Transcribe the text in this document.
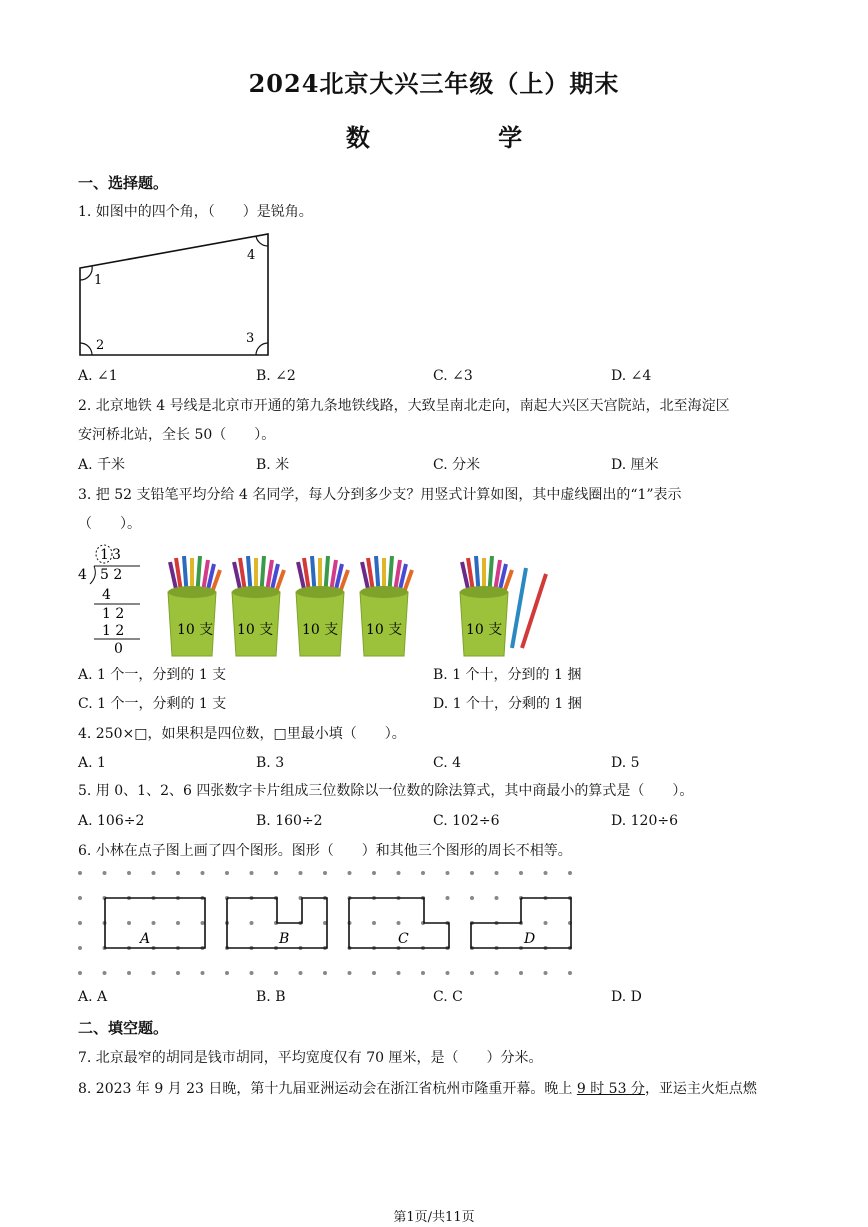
2024北京大兴三年级（上）期末
数 学
一、选择题。
1. 如图中的四个角，（　　）是锐角。
1
2	3
4
A. ∠1	B. ∠2	C. ∠3	D. ∠4
2. 北京地铁 4 号线是北京市开通的第九条地铁线路，大致呈南北走向，南起大兴区天宫院站，北至海淀区
安河桥北站，全长 50（　　）。
A. 千米	B. 米	C. 分米	D. 厘米
3. 把 52 支铅笔平均分给 4 名同学，每人分到多少支？用竖式计算如图，其中虚线圈出的“1”表示
（　　）。
1 3
4 5 2
4
1 2
1 2
0
10 支 10 支 10 支 10 支	10 支
A. 1 个一，分到的 1 支	B. 1 个十，分到的 1 捆
C. 1 个一，分剩的 1 支	D. 1 个十，分剩的 1 捆
4. 250×□，如果积是四位数，□里最小填（　　）。
A. 1	B. 3	C. 4	D. 5
5. 用 0、1、2、6 四张数字卡片组成三位数除以一位数的除法算式，其中商最小的算式是（　　）。
A. 106÷2	B. 160÷2	C. 102÷6	D. 120÷6
6. 小林在点子图上画了四个图形。图形（　　）和其他三个图形的周长不相等。
A	B	C	D
A. A	B. B	C. C	D. D
二、填空题。
7. 北京最窄的胡同是钱市胡同，平均宽度仅有 70 厘米，是（　　）分米。
8. 2023 年 9 月 23 日晚，第十九届亚洲运动会在浙江省杭州市隆重开幕。晚上 9 时 53 分，亚运主火炬点燃
第1页/共11页
